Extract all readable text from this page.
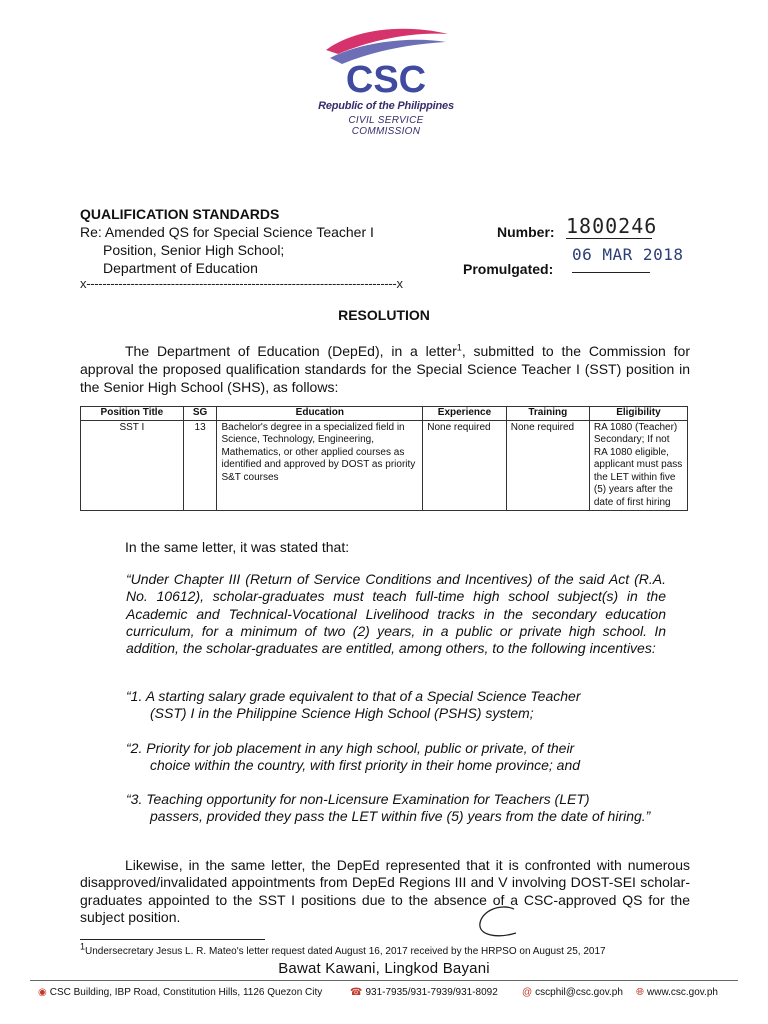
CSC
Republic of the Philippines
CIVIL SERVICE COMMISSION
QUALIFICATION STANDARDS
Re: Amended QS for Special Science Teacher I
Position, Senior High School;
Department of Education
x-----------------------------------------------------------------------------x
Number: 1800246
Promulgated:
06 MAR 2018
RESOLUTION
The Department of Education (DepEd), in a letter$^1$, submitted to the Commission for approval the proposed qualification standards for the Special Science Teacher I (SST) position in the Senior High School (SHS), as follows:
Position Title	SG	Education	Experience	Training	Eligibility
SST I	13	Bachelor's degree in a specialized field in Science, Technology, Engineering, Mathematics, or other applied courses as identified and approved by DOST as priority S&T courses	None required	None required	RA 1080 (Teacher) Secondary; If not RA 1080 eligible, applicant must pass the LET within five (5) years after the date of first hiring
In the same letter, it was stated that:
“Under Chapter III (Return of Service Conditions and Incentives) of the said Act (R.A. No. 10612), scholar-graduates must teach full-time high school subject(s) in the Academic and Technical-Vocational Livelihood tracks in the secondary education curriculum, for a minimum of two (2) years, in a public or private high school. In addition, the scholar-graduates are entitled, among others, to the following incentives:
“1. A starting salary grade equivalent to that of a Special Science Teacher
(SST) I in the Philippine Science High School (PSHS) system;
“2. Priority for job placement in any high school, public or private, of their
choice within the country, with first priority in their home province; and
“3. Teaching opportunity for non-Licensure Examination for Teachers (LET)
passers, provided they pass the LET within five (5) years from the date of hiring.”
Likewise, in the same letter, the DepEd represented that it is confronted with numerous disapproved/invalidated appointments from DepEd Regions III and V involving DOST-SEI scholar-graduates appointed to the SST I positions due to the absence of a CSC-approved QS for the subject position.
$^1$Undersecretary Jesus L. R. Mateo's letter request dated August 16, 2017 received by the HRPSO on August 25, 2017
Bawat Kawani, Lingkod Bayani
◉ CSC Building, IBP Road, Constitution Hills, 1126 Quezon City	☎ 931-7935/931-7939/931-8092 @ cscphil@csc.gov.ph 🌐︎ www.csc.gov.ph
